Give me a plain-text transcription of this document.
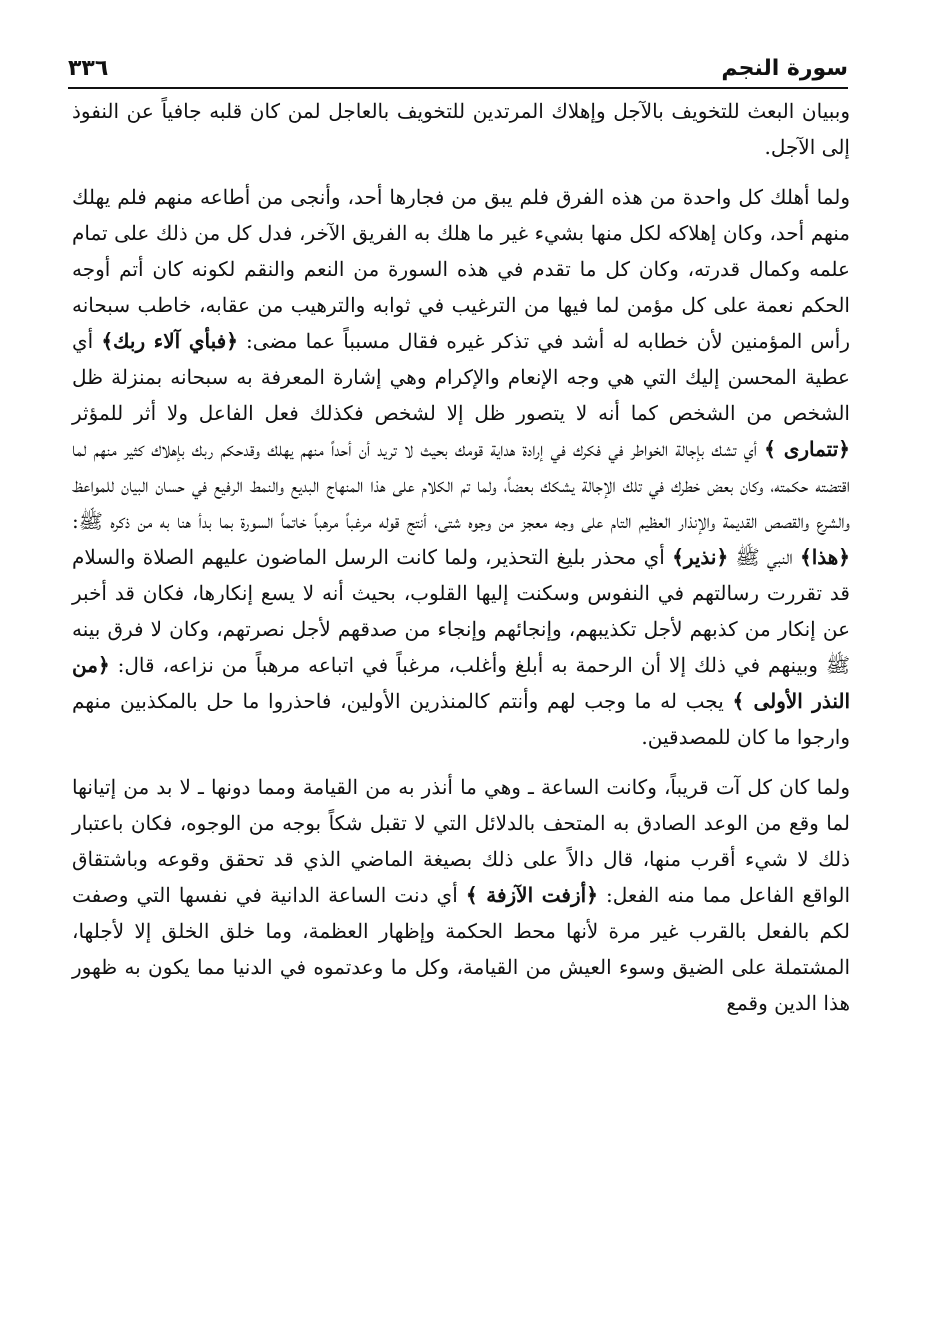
سورة النجم
٣٣٦

وببيان البعث للتخويف بالآجل وإهلاك المرتدين للتخويف بالعاجل لمن كان قلبه جافياً عن النفوذ إلى الآجل.

ولما أهلك كل واحدة من هذه الفرق فلم يبق من فجارها أحد، وأنجى من أطاعه منهم فلم يهلك منهم أحد، وكان إهلاكه لكل منها بشيء غير ما هلك به الفريق الآخر، فدل كل من ذلك على تمام علمه وكمال قدرته، وكان كل ما تقدم في هذه السورة من النعم والنقم لكونه كان أتم أوجه الحكم نعمة على كل مؤمن لما فيها من الترغيب في ثوابه والترهيب من عقابه، خاطب سبحانه رأس المؤمنين لأن خطابه له أشد في تذكر غيره فقال مسبباً عما مضى: ﴿فبأي آلاء ربك﴾ أي عطية المحسن إليك التي هي وجه الإنعام والإكرام وهي إشارة المعرفة به سبحانه بمنزلة ظل الشخص من الشخص كما أنه لا يتصور ظل إلا لشخص فكذلك فعل الفاعل ولا أثر للمؤثر ﴿تتمارى ﴾ أي تشك بإجالة الخواطر في فكرك في إرادة هداية قومك بحيث لا تريد أن أحداً منهم يهلك وقدحكم ربك بإهلاك كثير منهم لما اقتضته حكمته، وكان بعض خطرك في تلك الإجالة يشكك بعضاً، ولما تم الكلام على هذا المنهاج البديع والنمط الرفيع في حسان البيان للمواعظ والشرع والقصص القديمة والإنذار العظيم التام على وجه معجز من وجوه شتى، أنتج قوله مرغباً مرهباً خاتماً السورة بما بدأ هنا به من ذكره ﷺ: ﴿هذا﴾ النبي ﷺ ﴿نذير﴾ أي محذر بليغ التحذير، ولما كانت الرسل الماضون عليهم الصلاة والسلام قد تقررت رسالتهم في النفوس وسكنت إليها القلوب، بحيث أنه لا يسع إنكارها، فكان قد أخبر عن إنكار من كذبهم لأجل تكذيبهم، وإنجائهم وإنجاء من صدقهم لأجل نصرتهم، وكان لا فرق بينه ﷺ وبينهم في ذلك إلا أن الرحمة به أبلغ وأغلب، مرغباً في اتباعه مرهباً من نزاعه، قال: ﴿من النذر الأولى ﴾ يجب له ما وجب لهم وأنتم كالمنذرين الأولين، فاحذروا ما حل بالمكذبين منهم وارجوا ما كان للمصدقين.

ولما كان كل آت قريباً، وكانت الساعة ـ وهي ما أنذر به من القيامة ومما دونها ـ لا بد من إتيانها لما وقع من الوعد الصادق به المتحف بالدلائل التي لا تقبل شكاً بوجه من الوجوه، فكان باعتبار ذلك لا شيء أقرب منها، قال دالاً على ذلك بصيغة الماضي الذي قد تحقق وقوعه وباشتقاق الواقع الفاعل مما منه الفعل: ﴿أزفت الآزفة ﴾ أي دنت الساعة الدانية في نفسها التي وصفت لكم بالفعل بالقرب غير مرة لأنها محط الحكمة وإظهار العظمة، وما خلق الخلق إلا لأجلها، المشتملة على الضيق وسوء العيش من القيامة، وكل ما وعدتموه في الدنيا مما يكون به ظهور هذا الدين وقمع
